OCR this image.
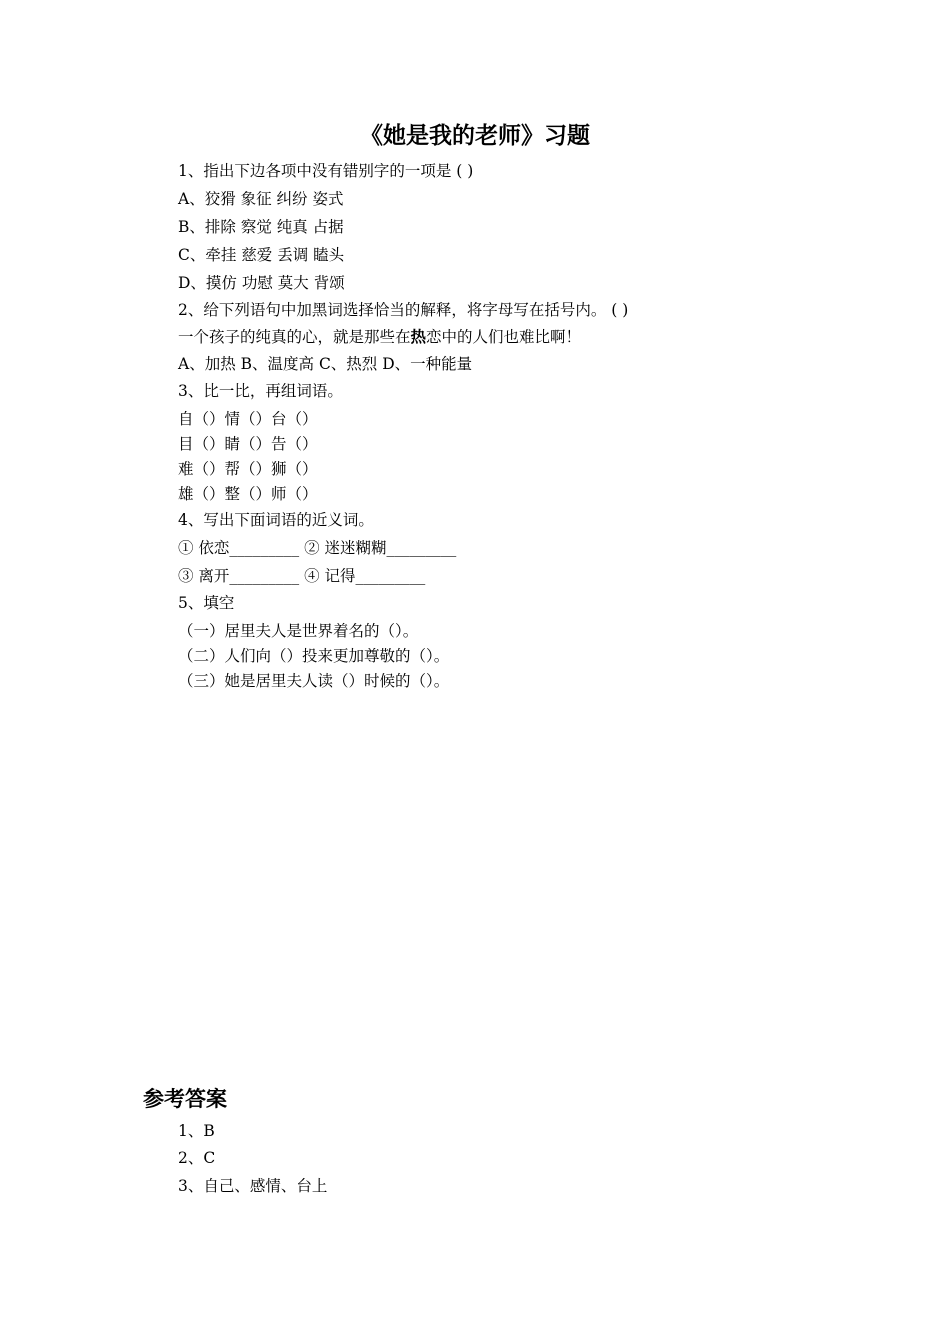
《她是我的老师》习题
1、指出下边各项中没有错别字的一项是 ( )
A、狡猾 象征 纠纷 姿式
B、排除 察觉 纯真 占据
C、牵挂 慈爱 丢调 瞌头
D、摸仿 功慰 莫大 背颂
2、给下列语句中加黑词选择恰当的解释，将字母写在括号内。 ( )
一个孩子的纯真的心，就是那些在热恋中的人们也难比啊！
A、加热 B、温度高 C、热烈 D、一种能量
3、比一比，再组词语。
自（）情（）台（）
目（）睛（）告（）
难（）帮（）狮（）
雄（）整（）师（）
4、写出下面词语的近义词。
① 依恋_________ ② 迷迷糊糊_________
③ 离开_________ ④ 记得_________
5、填空
（一）居里夫人是世界着名的（）。
（二）人们向（）投来更加尊敬的（）。
（三）她是居里夫人读（）时候的（）。
参考答案
1、B
2、C
3、自己、感情、台上
